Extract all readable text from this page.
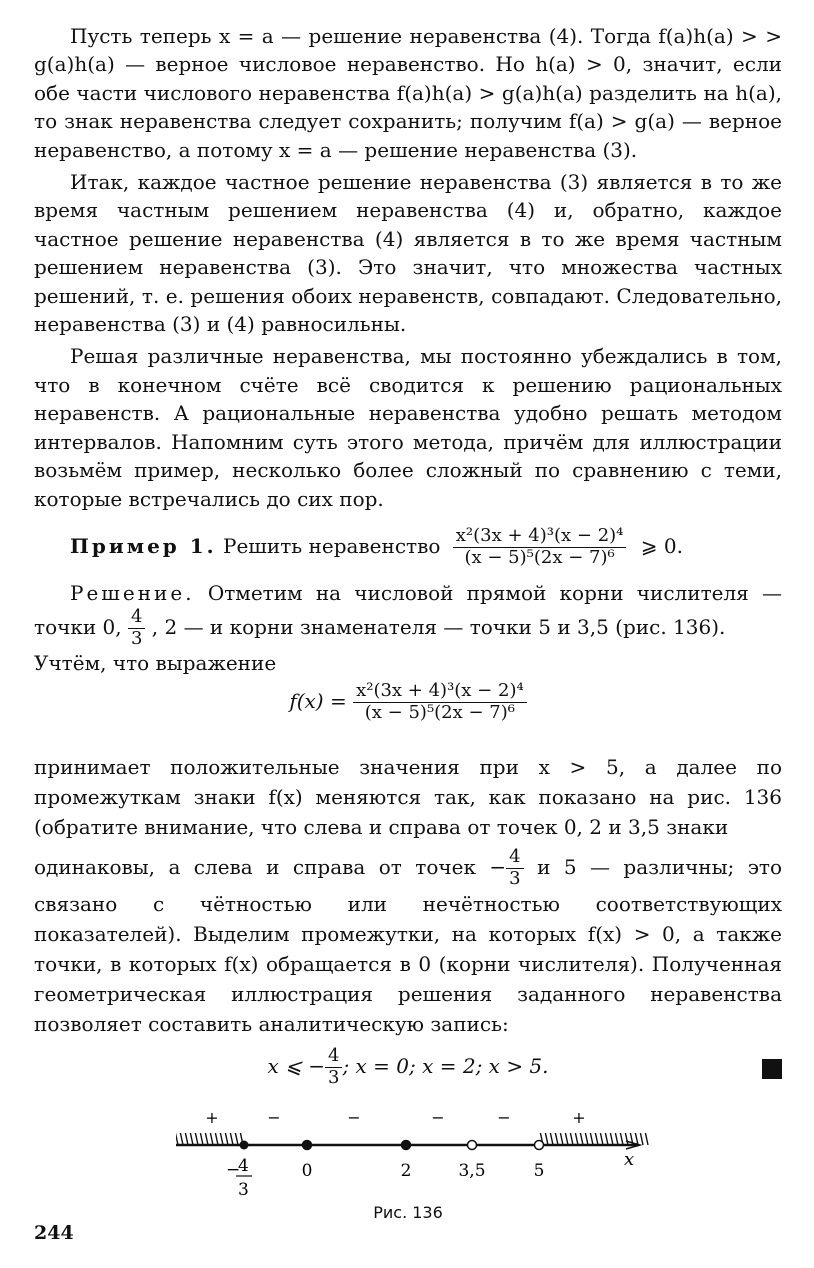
Пусть теперь x = a — решение неравенства (4). Тогда f(a)h(a) > > g(a)h(a) — верное числовое неравенство. Но h(a) > 0, значит, если обе части числового неравенства f(a)h(a) > g(a)h(a) разделить на h(a), то знак неравенства следует сохранить; получим f(a) > g(a) — верное неравенство, а потому x = a — решение неравенства (3).

Итак, каждое частное решение неравенства (3) является в то же время частным решением неравенства (4) и, обратно, каждое частное решение неравенства (4) является в то же время частным решением неравенства (3). Это значит, что множества частных решений, т. е. решения обоих неравенств, совпадают. Следовательно, неравенства (3) и (4) равносильны.

Решая различные неравенства, мы постоянно убеждались в том, что в конечном счёте всё сводится к решению рациональных неравенств. А рациональные неравенства удобно решать методом интервалов. Напомним суть этого метода, причём для иллюстрации возьмём пример, несколько более сложный по сравнению с теми, которые встречались до сих пор.

Пример 1. Решить неравенство $\frac{\text{x²(3x + 4)³(x − 2)⁴}}{\text{(x − 5)⁵(2x − 7)⁶}}$ ⩾ 0.
Решение. Отметим на числовой прямой корни числителя — точки 0, $\frac{4}{3}$ , 2 — и корни знаменателя — точки 5 и 3,5 (рис. 136).
Учтём, что выражение
$f(x) = \frac{\text{x²(3x + 4)³(x − 2)⁴}}{\text{(x − 5)⁵(2x − 7)⁶}}$
принимает положительные значения при x > 5, а далее по промежуткам знаки f(x) меняются так, как показано на рис. 136 (обратите внимание, что слева и справа от точек 0, 2 и 3,5 знаки
одинаковы, а слева и справа от точек − $\frac{4}{3}$ и 5 — различны; это связано с чётностью или нечётностью соответствующих показателей). Выделим промежутки, на которых f(x) > 0, а также точки, в которых f(x) обращается в 0 (корни числителя). Полученная геометрическая иллюстрация решения заданного неравенства позволяет составить аналитическую запись:
x ⩽ − $\frac{4}{3}$ ; x = 0; x = 2; x > 5.
x
+	−	−	−	−	+
0	2	3,5	5
−
4
3
Рис. 136
244
